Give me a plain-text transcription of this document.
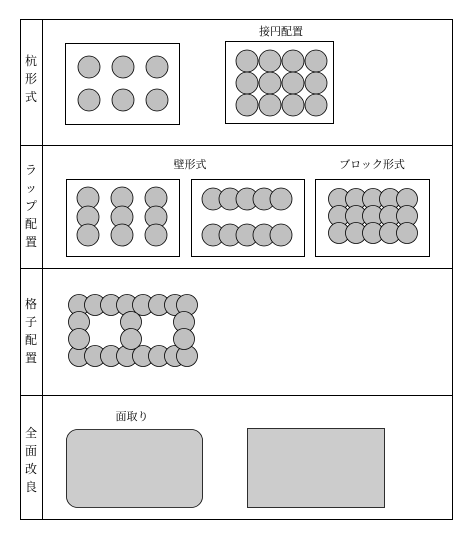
杭
形
式
ラ
ッ
プ
配
置
格
子
配
置
全
面
改
良
接円配置
壁形式	ブロック形式
面取り
